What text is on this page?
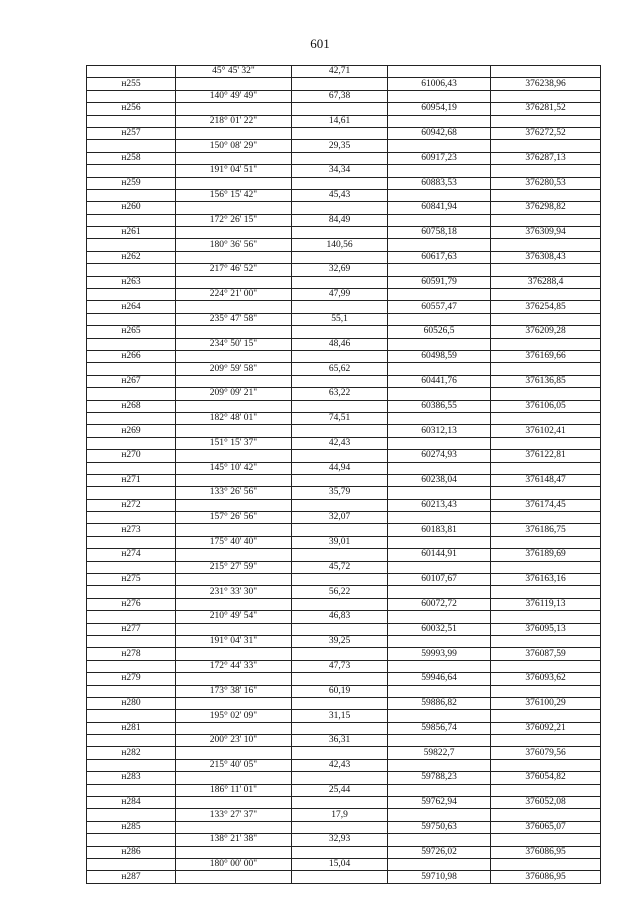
601
	45° 45' 32"	42,71		
н255			61006,43	376238,96
	140° 49' 49"	67,38		
н256			60954,19	376281,52
	218° 01' 22"	14,61		
н257			60942,68	376272,52
	150° 08' 29"	29,35		
н258			60917,23	376287,13
	191° 04' 51"	34,34		
н259			60883,53	376280,53
	156° 15' 42"	45,43		
н260			60841,94	376298,82
	172° 26' 15"	84,49		
н261			60758,18	376309,94
	180° 36' 56"	140,56		
н262			60617,63	376308,43
	217° 46' 52"	32,69		
н263			60591,79	376288,4
	224° 21' 00"	47,99		
н264			60557,47	376254,85
	235° 47' 58"	55,1		
н265			60526,5	376209,28
	234° 50' 15"	48,46		
н266			60498,59	376169,66
	209° 59' 58"	65,62		
н267			60441,76	376136,85
	209° 09' 21"	63,22		
н268			60386,55	376106,05
	182° 48' 01"	74,51		
н269			60312,13	376102,41
	151° 15' 37"	42,43		
н270			60274,93	376122,81
	145° 10' 42"	44,94		
н271			60238,04	376148,47
	133° 26' 56"	35,79		
н272			60213,43	376174,45
	157° 26' 56"	32,07		
н273			60183,81	376186,75
	175° 40' 40"	39,01		
н274			60144,91	376189,69
	215° 27' 59"	45,72		
н275			60107,67	376163,16
	231° 33' 30"	56,22		
н276			60072,72	376119,13
	210° 49' 54"	46,83		
н277			60032,51	376095,13
	191° 04' 31"	39,25		
н278			59993,99	376087,59
	172° 44' 33"	47,73		
н279			59946,64	376093,62
	173° 38' 16"	60,19		
н280			59886,82	376100,29
	195° 02' 09"	31,15		
н281			59856,74	376092,21
	200° 23' 10"	36,31		
н282			59822,7	376079,56
	215° 40' 05"	42,43		
н283			59788,23	376054,82
	186° 11' 01"	25,44		
н284			59762,94	376052,08
	133° 27' 37"	17,9		
н285			59750,63	376065,07
	138° 21' 38"	32,93		
н286			59726,02	376086,95
	180° 00' 00"	15,04		
н287			59710,98	376086,95
